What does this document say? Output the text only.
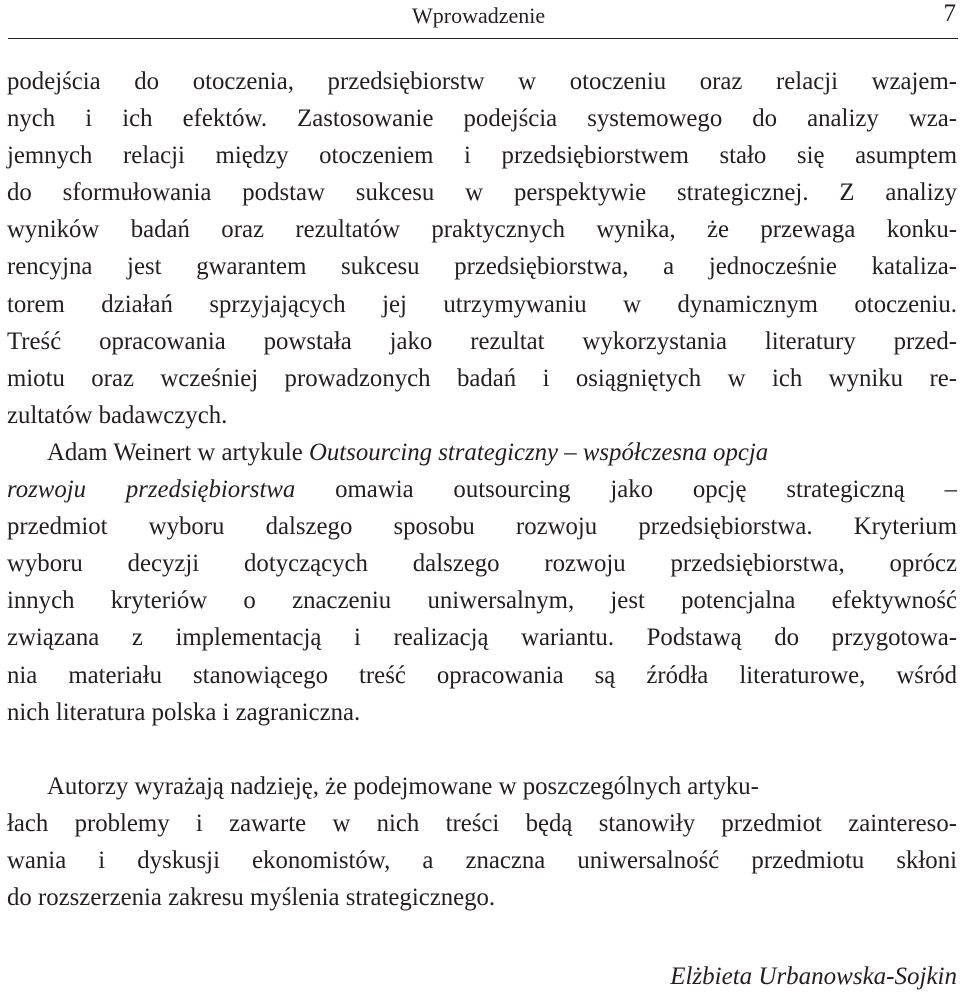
Wprowadzenie	7
podejścia do otoczenia, przedsiębiorstw w otoczeniu oraz relacji wzajem-
nych i ich efektów. Zastosowanie podejścia systemowego do analizy wza-
jemnych relacji między otoczeniem i przedsiębiorstwem stało się asumptem
do sformułowania podstaw sukcesu w perspektywie strategicznej. Z analizy
wyników badań oraz rezultatów praktycznych wynika, że przewaga konku-
rencyjna jest gwarantem sukcesu przedsiębiorstwa, a jednocześnie kataliza-
torem działań sprzyjających jej utrzymywaniu w dynamicznym otoczeniu.
Treść opracowania powstała jako rezultat wykorzystania literatury przed-
miotu oraz wcześniej prowadzonych badań i osiągniętych w ich wyniku re-
zultatów badawczych.
Adam Weinert w artykule Outsourcing strategiczny – współczesna opcja
rozwoju przedsiębiorstwa omawia outsourcing jako opcję strategiczną –
przedmiot wyboru dalszego sposobu rozwoju przedsiębiorstwa. Kryterium
wyboru decyzji dotyczących dalszego rozwoju przedsiębiorstwa, oprócz
innych kryteriów o znaczeniu uniwersalnym, jest potencjalna efektywność
związana z implementacją i realizacją wariantu. Podstawą do przygotowa-
nia materiału stanowiącego treść opracowania są źródła literaturowe, wśród
nich literatura polska i zagraniczna.
Autorzy wyrażają nadzieję, że podejmowane w poszczególnych artyku-
łach problemy i zawarte w nich treści będą stanowiły przedmiot zaintereso-
wania i dyskusji ekonomistów, a znaczna uniwersalność przedmiotu skłoni
do rozszerzenia zakresu myślenia strategicznego.
Elżbieta Urbanowska-Sojkin
